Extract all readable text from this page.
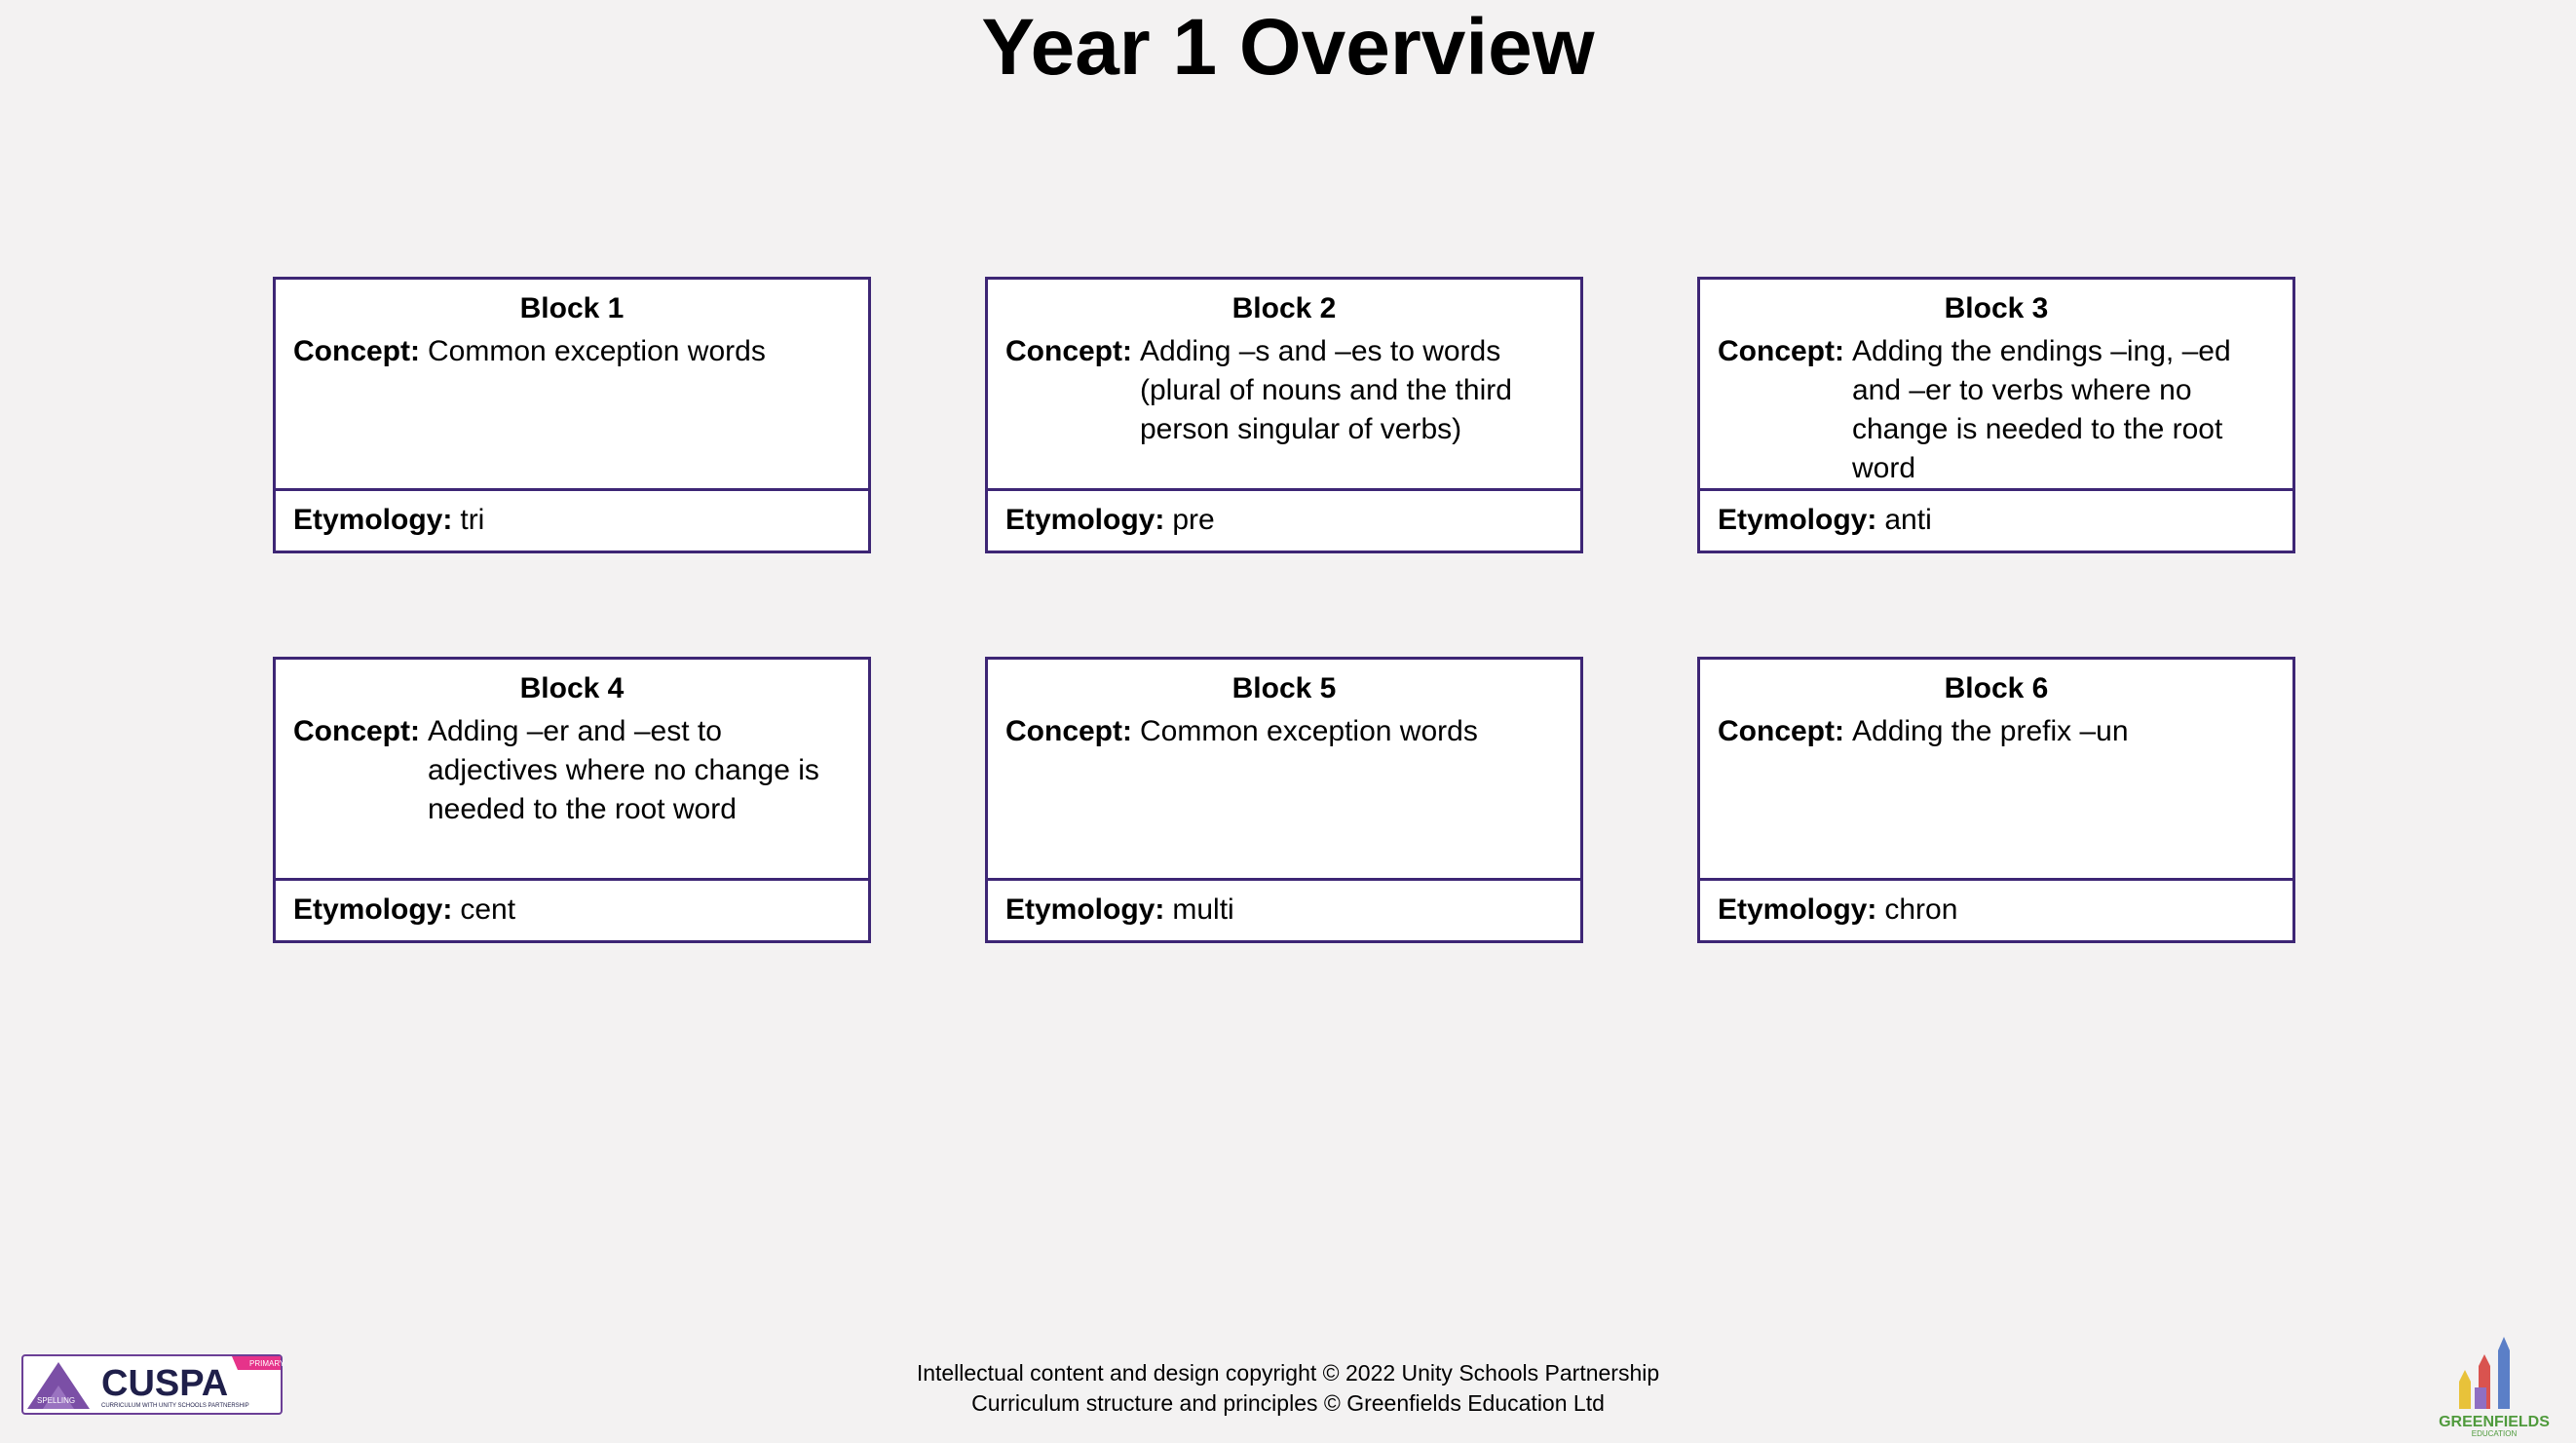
Year 1 Overview
Block 1
Concept: Common exception words
Etymology: tri
Block 2
Concept: Adding –s and –es to words (plural of nouns and the third person singular of verbs)
Etymology: pre
Block 3
Concept: Adding the endings –ing, –ed and –er to verbs where no change is needed to the root word
Etymology: anti
Block 4
Concept: Adding –er and –est to adjectives where no change is needed to the root word
Etymology: cent
Block 5
Concept: Common exception words
Etymology: multi
Block 6
Concept: Adding the prefix –un
Etymology: chron
Intellectual content and design copyright © 2022 Unity Schools Partnership
Curriculum structure and principles © Greenfields Education Ltd
SPELLING
PRIMARY
CUSPA
CURRICULUM WITH UNITY SCHOOLS PARTNERSHIP
GREENFIELDS
EDUCATION
